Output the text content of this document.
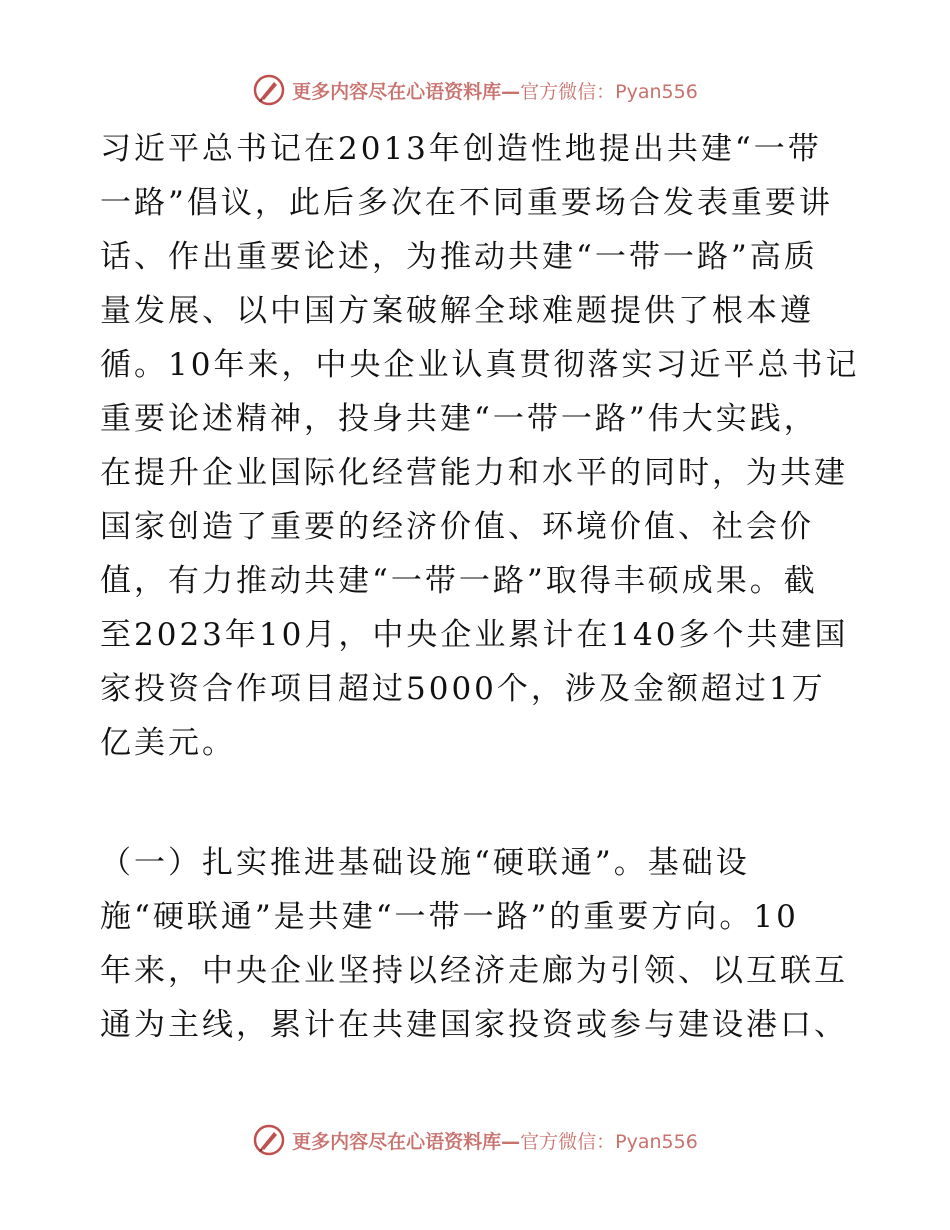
更多内容尽在心语资料库—官方微信：Pyan556
习近平总书记在2013年创造性地提出共建“一带
一路”倡议，此后多次在不同重要场合发表重要讲
话、作出重要论述，为推动共建“一带一路”高质
量发展、以中国方案破解全球难题提供了根本遵
循。10年来，中央企业认真贯彻落实习近平总书记
重要论述精神，投身共建“一带一路”伟大实践，
在提升企业国际化经营能力和水平的同时，为共建
国家创造了重要的经济价值、环境价值、社会价
值，有力推动共建“一带一路”取得丰硕成果。截
至2023年10月，中央企业累计在140多个共建国
家投资合作项目超过5000个，涉及金额超过1万
亿美元。
（一）扎实推进基础设施“硬联通”。基础设
施“硬联通”是共建“一带一路”的重要方向。10
年来，中央企业坚持以经济走廊为引领、以互联互
通为主线，累计在共建国家投资或参与建设港口、
更多内容尽在心语资料库—官方微信：Pyan556
